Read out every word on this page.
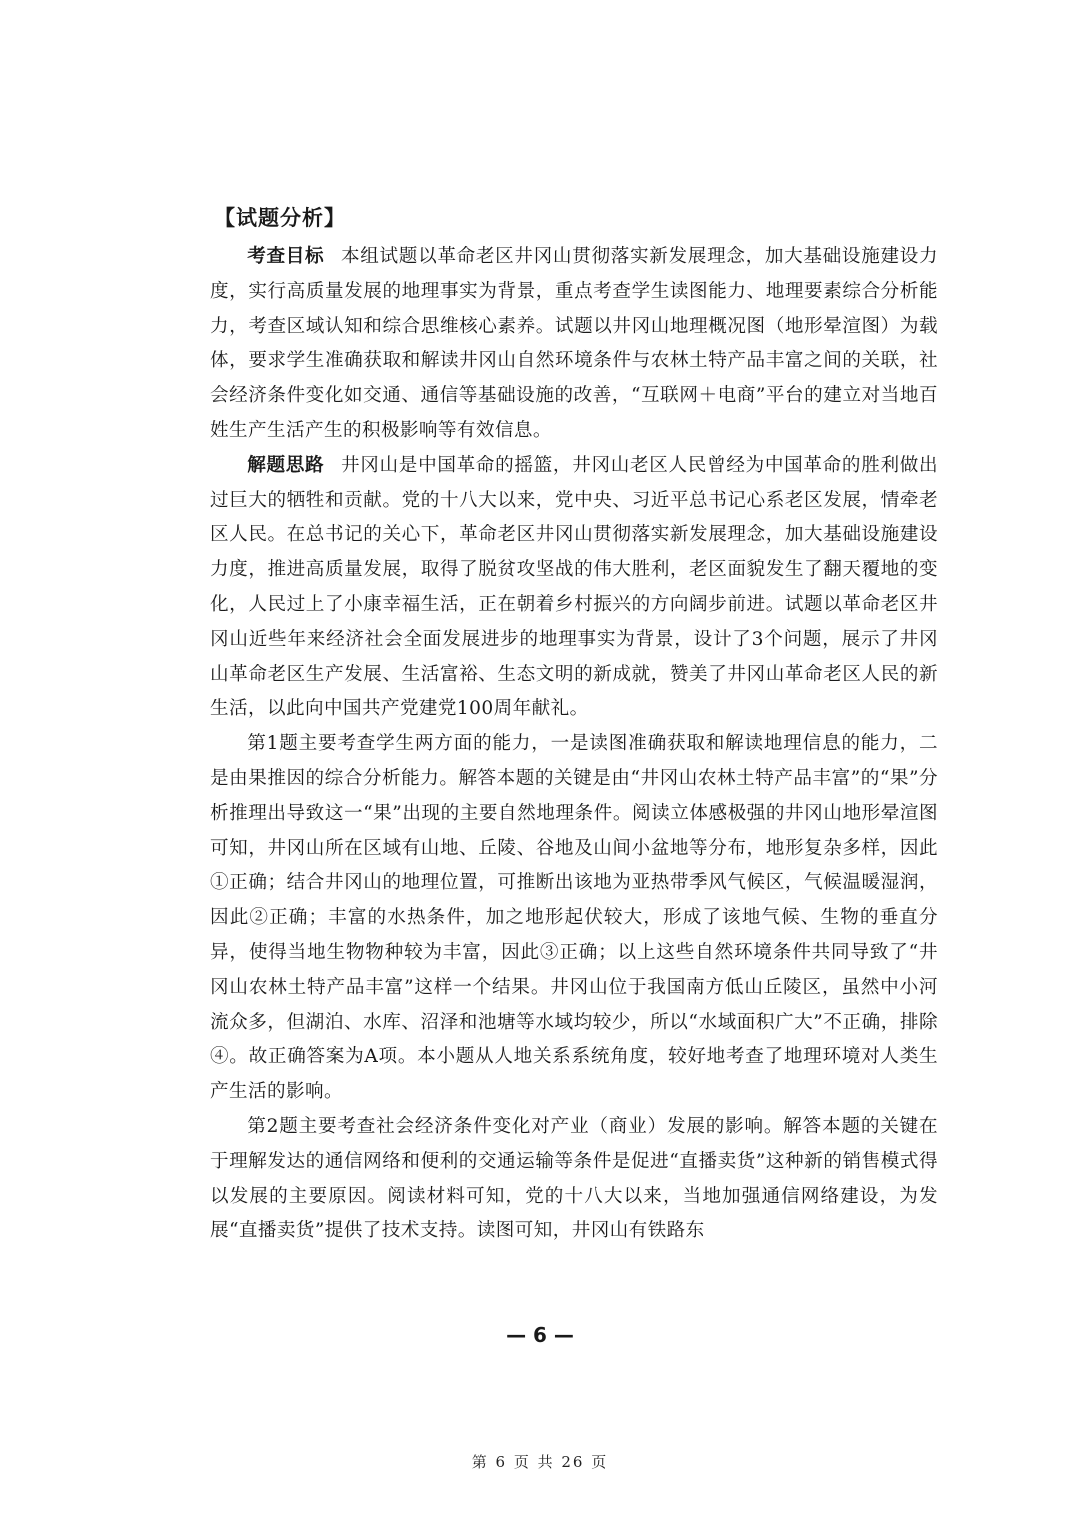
【试题分析】

考查目标 本组试题以革命老区井冈山贯彻落实新发展理念，加大基础设施建设力度，实行高质量发展的地理事实为背景，重点考查学生读图能力、地理要素综合分析能力，考查区域认知和综合思维核心素养。试题以井冈山地理概况图（地形晕渲图）为载体，要求学生准确获取和解读井冈山自然环境条件与农林土特产品丰富之间的关联，社会经济条件变化如交通、通信等基础设施的改善，“互联网＋电商”平台的建立对当地百姓生产生活产生的积极影响等有效信息。

解题思路 井冈山是中国革命的摇篮，井冈山老区人民曾经为中国革命的胜利做出过巨大的牺牲和贡献。党的十八大以来，党中央、习近平总书记心系老区发展，情牵老区人民。在总书记的关心下，革命老区井冈山贯彻落实新发展理念，加大基础设施建设力度，推进高质量发展，取得了脱贫攻坚战的伟大胜利，老区面貌发生了翻天覆地的变化，人民过上了小康幸福生活，正在朝着乡村振兴的方向阔步前进。试题以革命老区井冈山近些年来经济社会全面发展进步的地理事实为背景，设计了3个问题，展示了井冈山革命老区生产发展、生活富裕、生态文明的新成就，赞美了井冈山革命老区人民的新生活，以此向中国共产党建党100周年献礼。

第1题主要考查学生两方面的能力，一是读图准确获取和解读地理信息的能力，二是由果推因的综合分析能力。解答本题的关键是由“井冈山农林土特产品丰富”的“果”分析推理出导致这一“果”出现的主要自然地理条件。阅读立体感极强的井冈山地形晕渲图可知，井冈山所在区域有山地、丘陵、谷地及山间小盆地等分布，地形复杂多样，因此①正确；结合井冈山的地理位置，可推断出该地为亚热带季风气候区，气候温暖湿润，因此②正确；丰富的水热条件，加之地形起伏较大，形成了该地气候、生物的垂直分异，使得当地生物物种较为丰富，因此③正确；以上这些自然环境条件共同导致了“井冈山农林土特产品丰富”这样一个结果。井冈山位于我国南方低山丘陵区，虽然中小河流众多，但湖泊、水库、沼泽和池塘等水域均较少，所以“水域面积广大”不正确，排除④。故正确答案为A项。本小题从人地关系系统角度，较好地考查了地理环境对人类生产生活的影响。

第2题主要考查社会经济条件变化对产业（商业）发展的影响。解答本题的关键在于理解发达的通信网络和便利的交通运输等条件是促进“直播卖货”这种新的销售模式得以发展的主要原因。阅读材料可知，党的十八大以来，当地加强通信网络建设，为发展“直播卖货”提供了技术支持。读图可知，井冈山有铁路东

— 6 —
第 6 页 共 26 页
